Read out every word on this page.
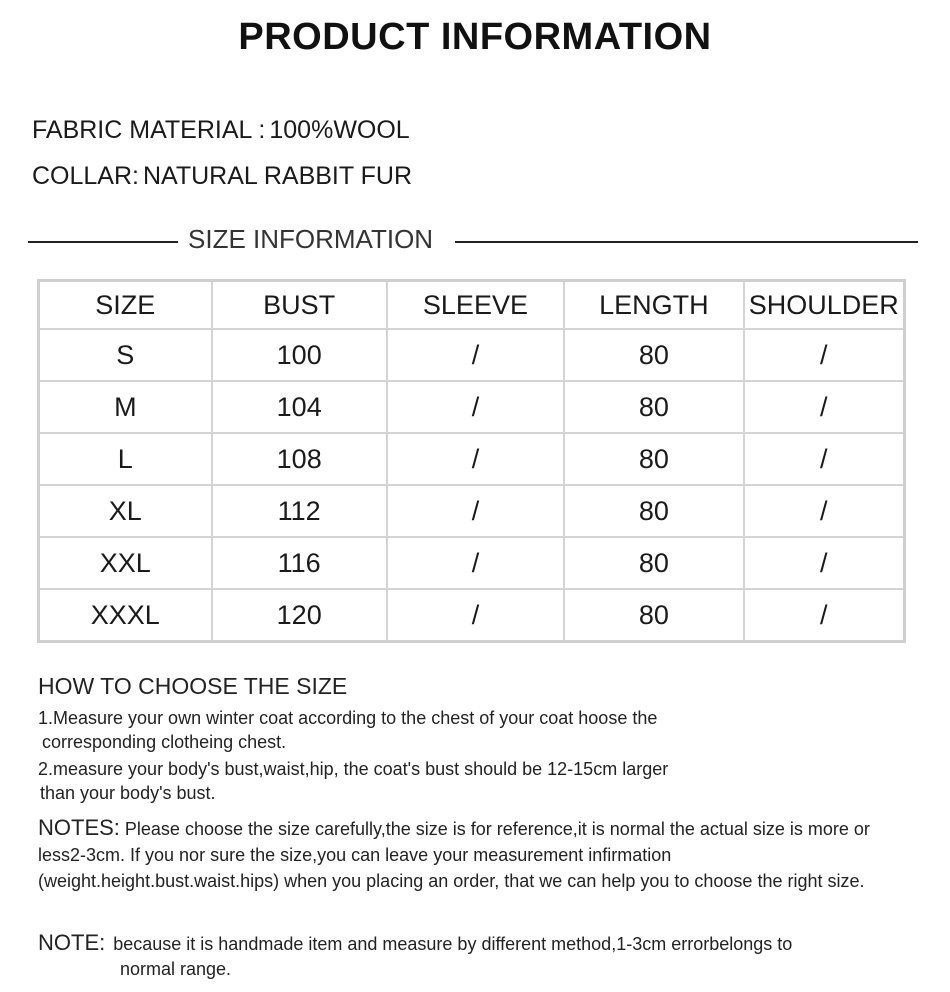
PRODUCT INFORMATION
FABRIC MATERIAL : 100%WOOL
COLLAR: NATURAL RABBIT FUR
SIZE INFORMATION
SIZE	BUST	SLEEVE	LENGTH	SHOULDER
S	100	/	80	/
M	104	/	80	/
L	108	/	80	/
XL	112	/	80	/
XXL	116	/	80	/
XXXL	120	/	80	/
HOW TO CHOOSE THE SIZE
1.Measure your own winter coat according to the chest of your coat hoose the
corresponding clotheing chest.
2.measure your body's bust,waist,hip, the coat's bust should be 12-15cm larger
than your body's bust.
NOTES: Please choose the size carefully,the size is for reference,it is normal the actual size is more or less2-3cm. If you nor sure the size,you can leave your measurement infirmation (weight.height.bust.waist.hips) when you placing an order, that we can help you to choose the right size.
NOTE: because it is handmade item and measure by different method,1-3cm errorbelongs to
normal range.
